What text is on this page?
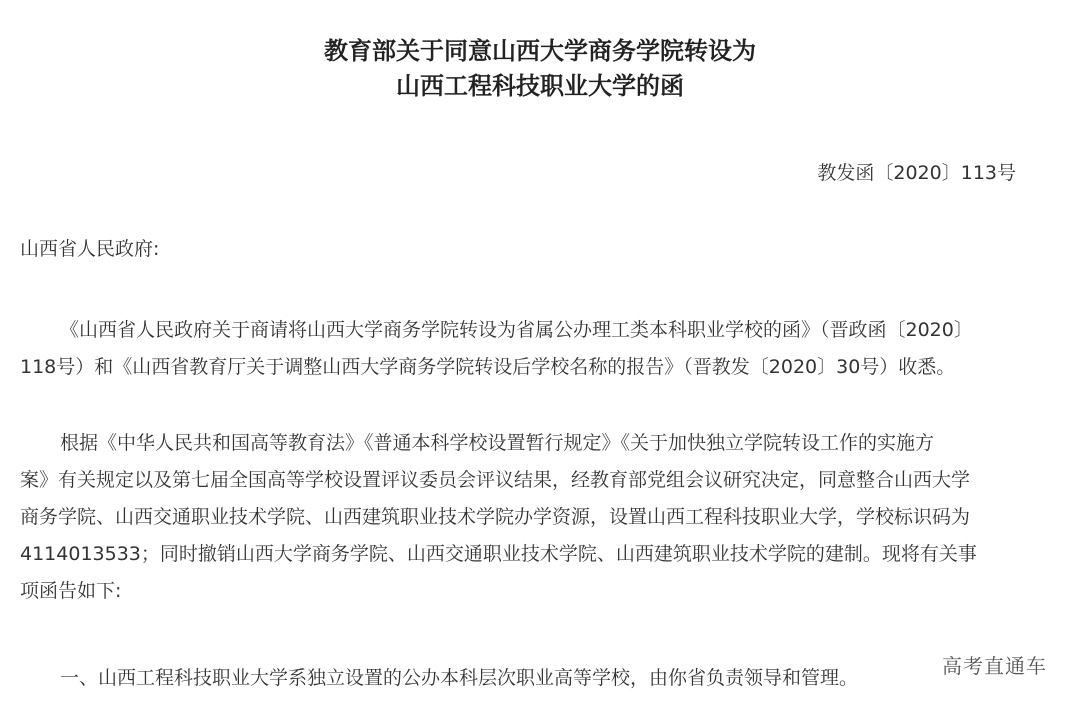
教育部关于同意山西大学商务学院转设为
山西工程科技职业大学的函
教发函〔2020〕113号
山西省人民政府:
《山西省人民政府关于商请将山西大学商务学院转设为省属公办理工类本科职业学校的函》（晋政函〔2020〕
118号）和《山西省教育厅关于调整山西大学商务学院转设后学校名称的报告》（晋教发〔2020〕30号）收悉。
根据《中华人民共和国高等教育法》《普通本科学校设置暂行规定》《关于加快独立学院转设工作的实施方
案》有关规定以及第七届全国高等学校设置评议委员会评议结果，经教育部党组会议研究决定，同意整合山西大学
商务学院、山西交通职业技术学院、山西建筑职业技术学院办学资源，设置山西工程科技职业大学，学校标识码为
4114013533；同时撤销山西大学商务学院、山西交通职业技术学院、山西建筑职业技术学院的建制。现将有关事
项函告如下:
一、山西工程科技职业大学系独立设置的公办本科层次职业高等学校，由你省负责领导和管理。	高考直通车
